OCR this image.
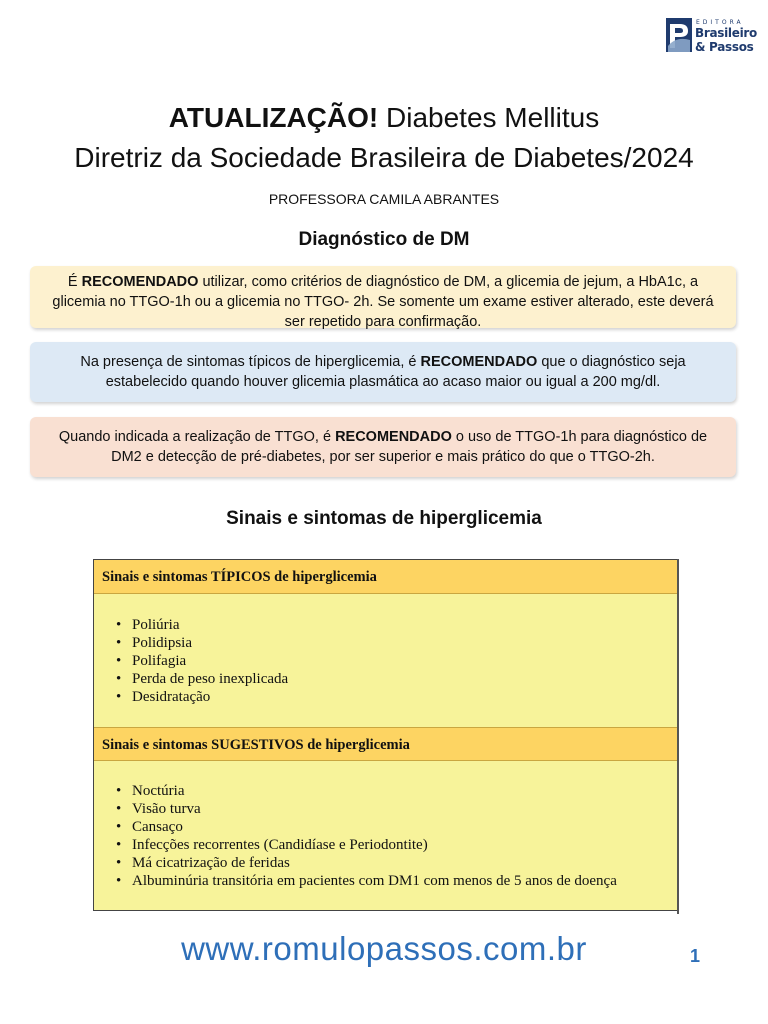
EDITORA
Brasileiro
& Passos
ATUALIZAÇÃO! Diabetes Mellitus
Diretriz da Sociedade Brasileira de Diabetes/2024
PROFESSORA CAMILA ABRANTES
Diagnóstico de DM
É RECOMENDADO utilizar, como critérios de diagnóstico de DM, a glicemia de jejum, a HbA1c, a glicemia no TTGO-1h ou a glicemia no TTGO- 2h. Se somente um exame estiver alterado, este deverá ser repetido para confirmação.
Na presença de sintomas típicos de hiperglicemia, é RECOMENDADO que o diagnóstico seja estabelecido quando houver glicemia plasmática ao acaso maior ou igual a 200 mg/dl.
Quando indicada a realização de TTGO, é RECOMENDADO o uso de TTGO-1h para diagnóstico de DM2 e detecção de pré-diabetes, por ser superior e mais prático do que o TTGO-2h.
Sinais e sintomas de hiperglicemia
Sinais e sintomas TÍPICOS de hiperglicemia
• Poliúria
• Polidipsia
• Polifagia
• Perda de peso inexplicada
• Desidratação
Sinais e sintomas SUGESTIVOS de hiperglicemia
• Noctúria
• Visão turva
• Cansaço
• Infecções recorrentes (Candidíase e Periodontite)
• Má cicatrização de feridas
• Albuminúria transitória em pacientes com DM1 com menos de 5 anos de doença
www.romulopassos.com.br	1
